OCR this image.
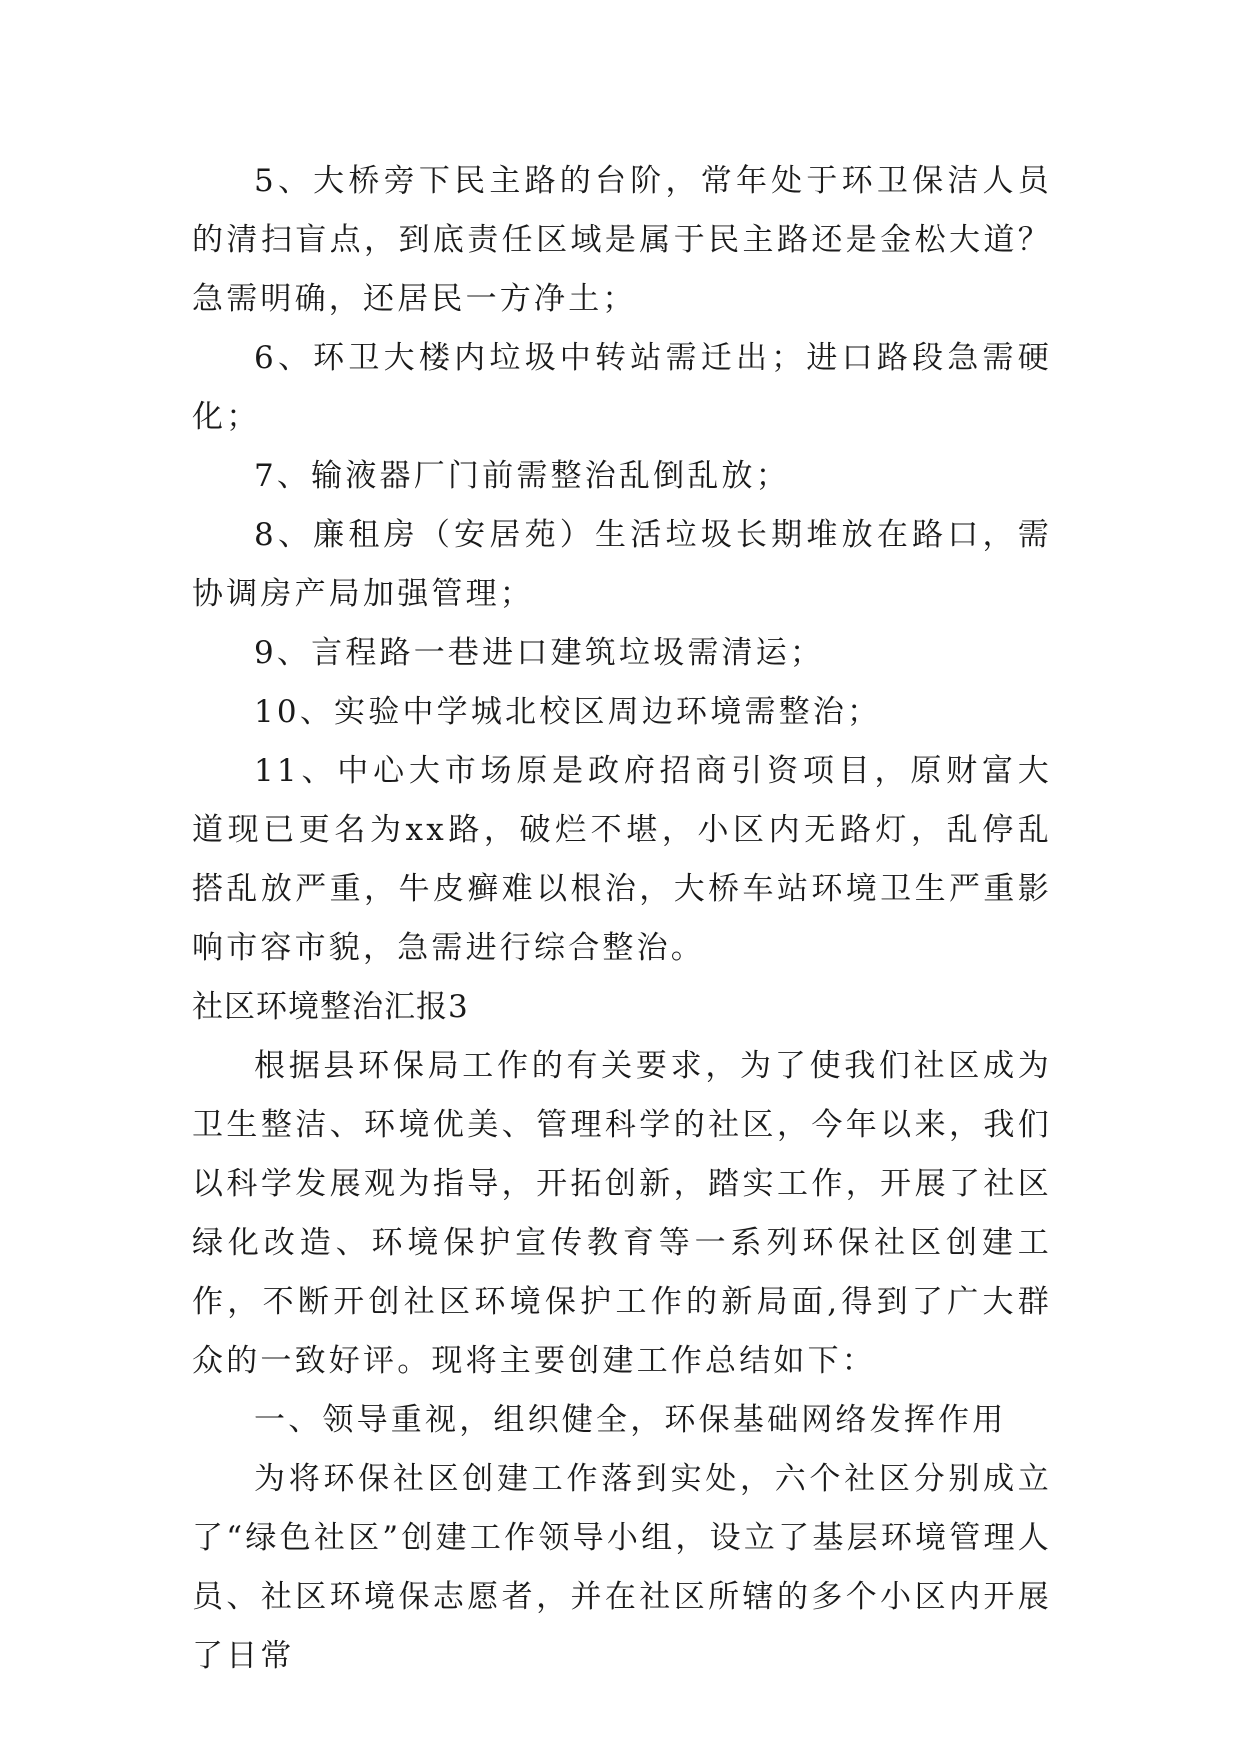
5、大桥旁下民主路的台阶，常年处于环卫保洁人员的清扫盲点，到底责任区域是属于民主路还是金松大道？急需明确，还居民一方净土；

6、环卫大楼内垃圾中转站需迁出；进口路段急需硬化；

7、输液器厂门前需整治乱倒乱放；

8、廉租房（安居苑）生活垃圾长期堆放在路口，需协调房产局加强管理；

9、言程路一巷进口建筑垃圾需清运；

10、实验中学城北校区周边环境需整治；

11、中心大市场原是政府招商引资项目，原财富大道现已更名为xx路，破烂不堪，小区内无路灯，乱停乱搭乱放严重，牛皮癣难以根治，大桥车站环境卫生严重影响市容市貌，急需进行综合整治。

社区环境整治汇报3

根据县环保局工作的有关要求，为了使我们社区成为卫生整洁、环境优美、管理科学的社区，今年以来，我们以科学发展观为指导，开拓创新，踏实工作，开展了社区绿化改造、环境保护宣传教育等一系列环保社区创建工作，不断开创社区环境保护工作的新局面,得到了广大群众的一致好评。现将主要创建工作总结如下：

一、领导重视，组织健全，环保基础网络发挥作用

为将环保社区创建工作落到实处，六个社区分别成立了“绿色社区”创建工作领导小组，设立了基层环境管理人员、社区环境保志愿者，并在社区所辖的多个小区内开展了日常
